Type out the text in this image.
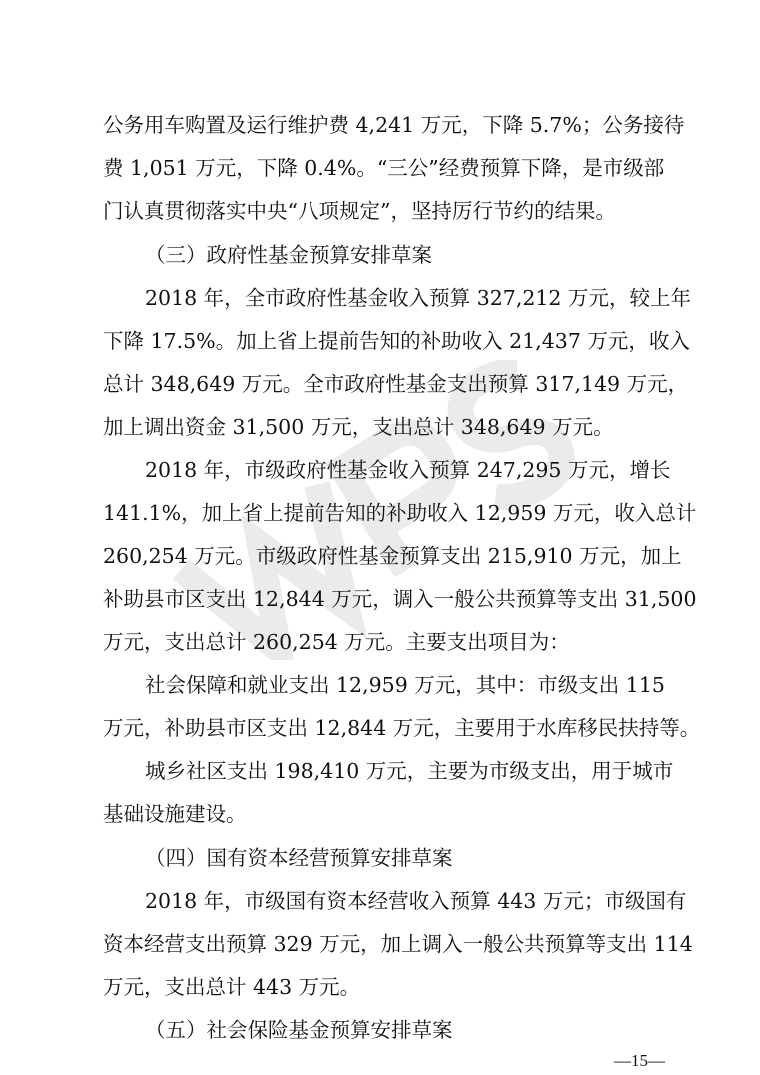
公务用车购置及运行维护费 4,241 万元，下降 5.7%；公务接待
费 1,051 万元，下降 0.4%。“三公”经费预算下降，是市级部
门认真贯彻落实中央“八项规定”，坚持厉行节约的结果。
（三）政府性基金预算安排草案
2018 年，全市政府性基金收入预算 327,212 万元，较上年
下降 17.5%。加上省上提前告知的补助收入 21,437 万元，收入
总计 348,649 万元。全市政府性基金支出预算 317,149 万元，
加上调出资金 31,500 万元，支出总计 348,649 万元。
2018 年，市级政府性基金收入预算 247,295 万元，增长
141.1%，加上省上提前告知的补助收入 12,959 万元，收入总计
260,254 万元。市级政府性基金预算支出 215,910 万元，加上
补助县市区支出 12,844 万元，调入一般公共预算等支出 31,500
万元，支出总计 260,254 万元。主要支出项目为：
社会保障和就业支出 12,959 万元，其中：市级支出 115
万元，补助县市区支出 12,844 万元，主要用于水库移民扶持等。
城乡社区支出 198,410 万元，主要为市级支出，用于城市
基础设施建设。
（四）国有资本经营预算安排草案
2018 年，市级国有资本经营收入预算 443 万元；市级国有
资本经营支出预算 329 万元，加上调入一般公共预算等支出 114
万元，支出总计 443 万元。
（五）社会保险基金预算安排草案
—15—
